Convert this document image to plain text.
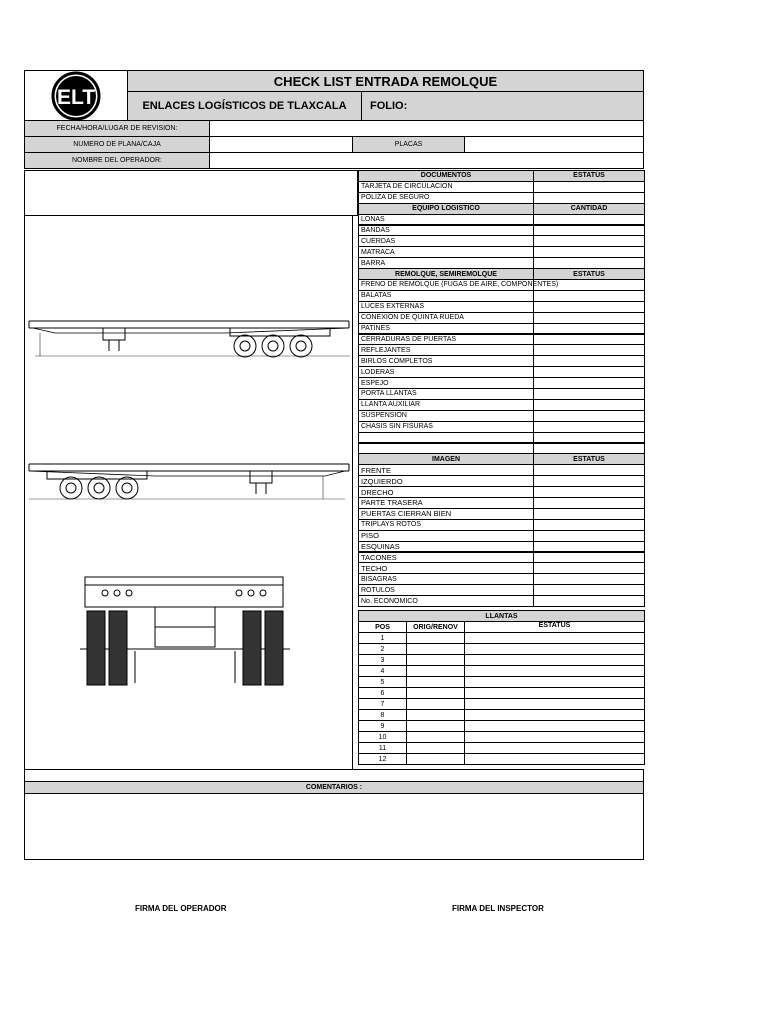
ELT
CHECK LIST ENTRADA REMOLQUE
ENLACES LOGÍSTICOS DE TLAXCALA FOLIO:
FECHA/HORA/LUGAR DE REVISION:
NUMERO DE PLANA/CAJA	PLACAS
NOMBRE DEL OPERADOR:
DOCUMENTOS	ESTATUS
TARJETA DE CIRCULACION
POLIZA DE SEGURO
EQUIPO LOGISTICO	CANTIDAD
LONAS
BANDAS
CUERDAS
MATRACA
BARRA
REMOLQUE, SEMIREMOLQUE	ESTATUS
FRENO DE REMOLQUE (FUGAS DE AIRE, COMPONENTES)
BALATAS
LUCES EXTERNAS
CONEXIÓN DE QUINTA RUEDA
PATINES
CERRADURAS DE PUERTAS
REFLEJANTES
BIRLOS COMPLETOS
LODERAS
ESPEJO
PORTA LLANTAS
LLANTA AUXILIAR
SUSPENSION
CHASIS SIN FISURAS
IMAGEN	ESTATUS
FRENTE
IZQUIERDO
DRECHO
PARTE TRASERA
PUERTAS CIERRAN BIEN
TRIPLAYS ROTOS
PISO
ESQUINAS
TACONES
TECHO
BISAGRAS
ROTULOS
No. ECONOMICO
LLANTAS
POS	ORIG/RENOV	ESTATUS
1
2
3
4
5
6
7
8
9
10
11
12
COMENTARIOS :
FIRMA DEL OPERADOR	FIRMA DEL INSPECTOR
